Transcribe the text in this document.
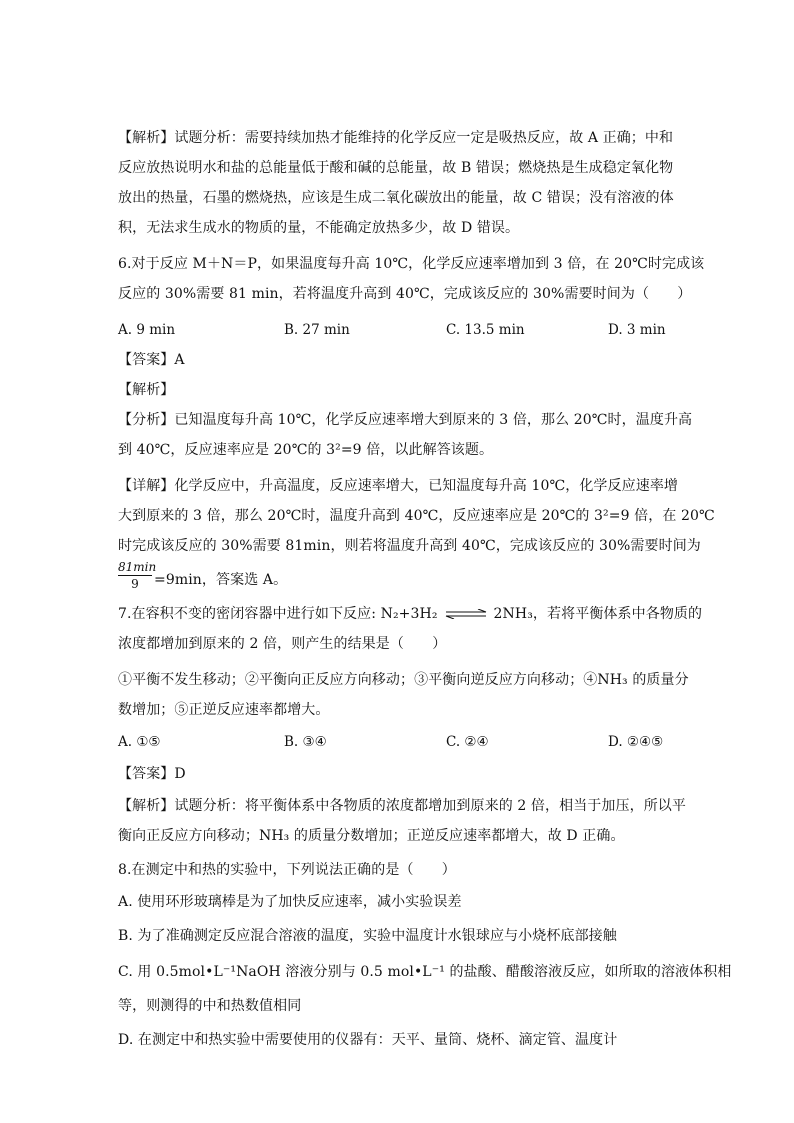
【解析】试题分析：需要持续加热才能维持的化学反应一定是吸热反应，故 A 正确；中和
反应放热说明水和盐的总能量低于酸和碱的总能量，故 B 错误；燃烧热是生成稳定氧化物
放出的热量，石墨的燃烧热，应该是生成二氧化碳放出的能量，故 C 错误；没有溶液的体
积，无法求生成水的物质的量，不能确定放热多少，故 D 错误。
6.对于反应 M＋N＝P，如果温度每升高 10℃，化学反应速率增加到 3 倍，在 20℃时完成该
反应的 30%需要 81 min，若将温度升高到 40℃，完成该反应的 30%需要时间为（　　）
A. 9 min	B. 27 min	C. 13.5 min	D. 3 min
【答案】A
【解析】
【分析】已知温度每升高 10℃，化学反应速率增大到原来的 3 倍，那么 20℃时，温度升高
到 40℃，反应速率应是 20℃的 3²=9 倍，以此解答该题。
【详解】化学反应中，升高温度，反应速率增大，已知温度每升高 10℃，化学反应速率增
大到原来的 3 倍，那么 20℃时，温度升高到 40℃，反应速率应是 20℃的 3²=9 倍，在 20℃
时完成该反应的 30%需要 81min，则若将温度升高到 40℃，完成该反应的 30%需要时间为
81min
9	=9min，答案选 A。
7.在容积不变的密闭容器中进行如下反应: N₂+3H₂ ⇌ 2NH₃，若将平衡体系中各物质的
浓度都增加到原来的 2 倍，则产生的结果是（　　）
①平衡不发生移动；②平衡向正反应方向移动；③平衡向逆反应方向移动；④NH₃ 的质量分
数增加；⑤正逆反应速率都增大。
A. ①⑤	B. ③④	C. ②④	D. ②④⑤
【答案】D
【解析】试题分析：将平衡体系中各物质的浓度都增加到原来的 2 倍，相当于加压，所以平
衡向正反应方向移动；NH₃ 的质量分数增加；正逆反应速率都增大，故 D 正确。
8.在测定中和热的实验中，下列说法正确的是（　　）
A. 使用环形玻璃棒是为了加快反应速率，减小实验误差
B. 为了准确测定反应混合溶液的温度，实验中温度计水银球应与小烧杯底部接触
C. 用 0.5mol•L⁻¹NaOH 溶液分别与 0.5 mol•L⁻¹ 的盐酸、醋酸溶液反应，如所取的溶液体积相
等，则测得的中和热数值相同
D. 在测定中和热实验中需要使用的仪器有：天平、量筒、烧杯、滴定管、温度计
